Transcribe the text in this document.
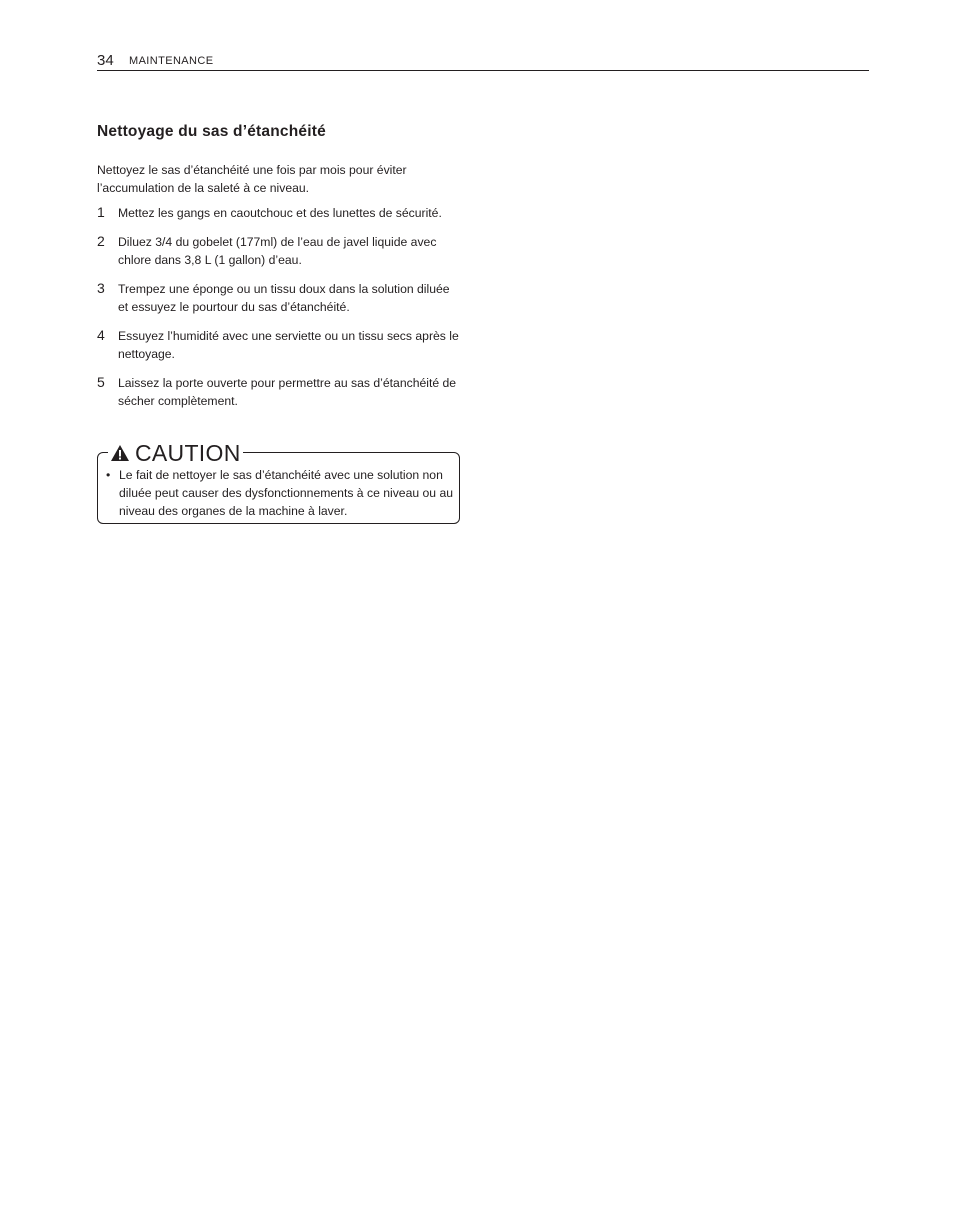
34 MAINTENANCE
Nettoyage du sas d’étanchéité

Nettoyez le sas d’étanchéité une fois par mois pour éviter l’accumulation de la saleté à ce niveau.

1 Mettez les gangs en caoutchouc et des lunettes de sécurité.
2 Diluez 3/4 du gobelet (177ml) de l’eau de javel liquide avec chlore dans 3,8 L (1 gallon) d’eau.
3 Trempez une éponge ou un tissu doux dans la solution diluée et essuyez le pourtour du sas d’étanchéité.
4 Essuyez l’humidité avec une serviette ou un tissu secs après le nettoyage.
5 Laissez la porte ouverte pour permettre au sas d’étanchéité de sécher complètement.
CAUTION
• Le fait de nettoyer le sas d’étanchéité avec une solution non diluée peut causer des dysfonctionnements à ce niveau ou au niveau des organes de la machine à laver.
